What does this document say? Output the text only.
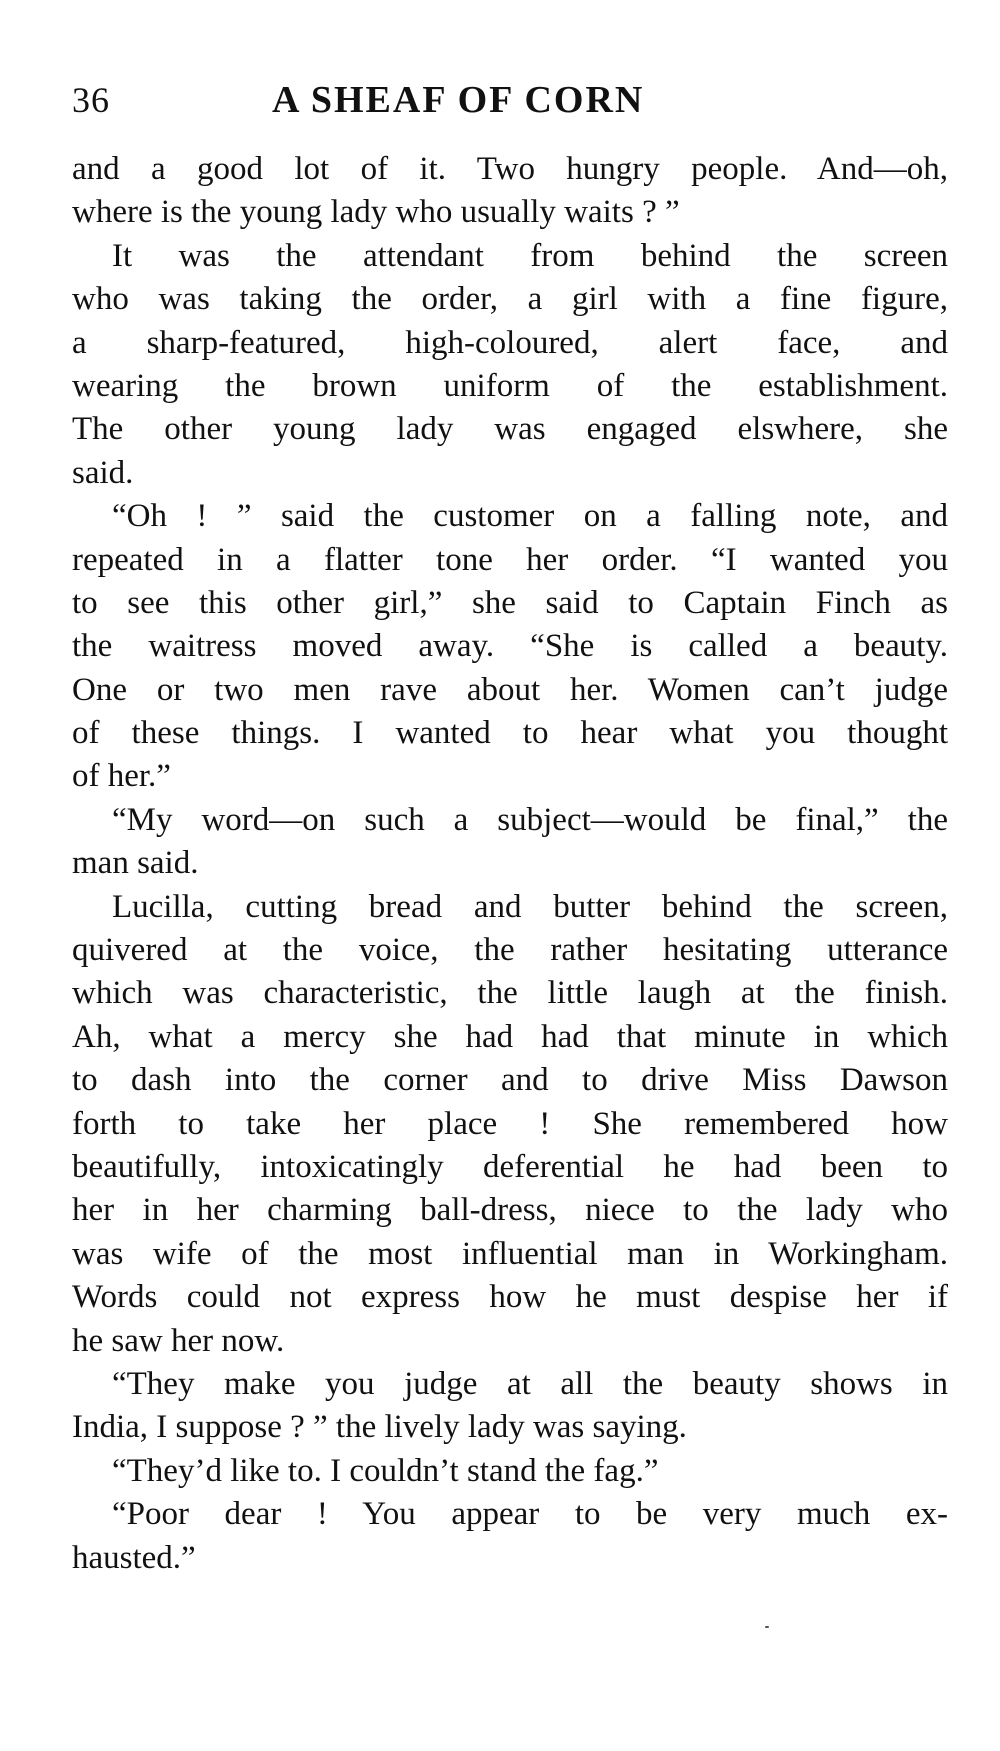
36	A SHEAF OF CORN
and a good lot of it. Two hungry people. And—oh,
where is the young lady who usually waits ? ”
It was the attendant from behind the screen
who was taking the order, a girl with a fine figure,
a sharp-featured, high-coloured, alert face, and
wearing the brown uniform of the establishment.
The other young lady was engaged elswhere, she
said.
“Oh ! ” said the customer on a falling note, and
repeated in a flatter tone her order. “I wanted you
to see this other girl,” she said to Captain Finch as
the waitress moved away. “She is called a beauty.
One or two men rave about her. Women can’t judge
of these things. I wanted to hear what you thought
of her.”
“My word—on such a subject—would be final,” the
man said.
Lucilla, cutting bread and butter behind the screen,
quivered at the voice, the rather hesitating utterance
which was characteristic, the little laugh at the finish.
Ah, what a mercy she had had that minute in which
to dash into the corner and to drive Miss Dawson
forth to take her place ! She remembered how
beautifully, intoxicatingly deferential he had been to
her in her charming ball-dress, niece to the lady who
was wife of the most influential man in Workingham.
Words could not express how he must despise her if
he saw her now.
“They make you judge at all the beauty shows in
India, I suppose ? ” the lively lady was saying.
“They’d like to. I couldn’t stand the fag.”
“Poor dear ! You appear to be very much ex-
hausted.”
